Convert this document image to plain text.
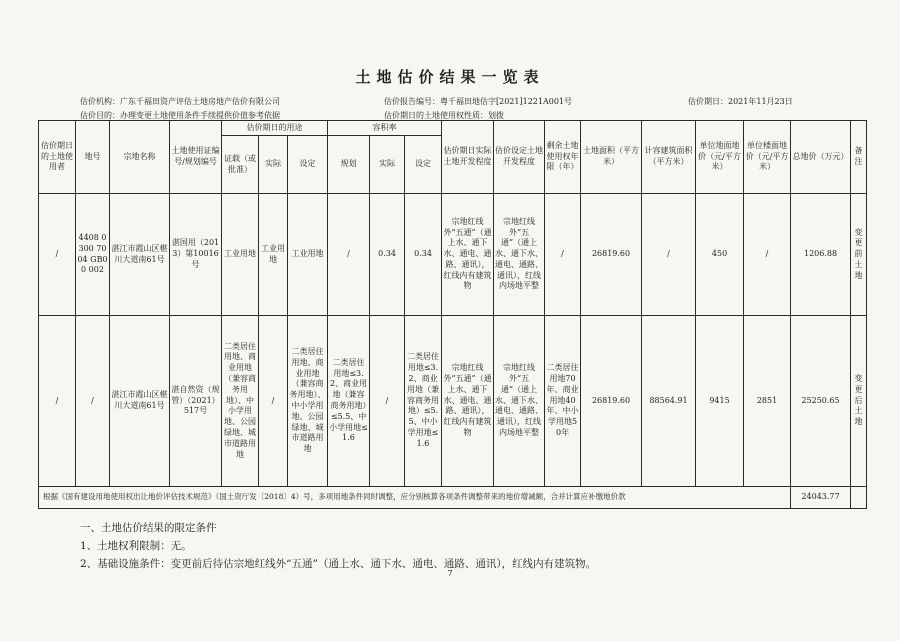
土地估价结果一览表
估价机构：广东千福田资产评估土地房地产估价有限公司	估价报告编号：粤千福田地估字[2021]1221A001号	估价期日：2021年11月23日
估价目的：办理变更土地使用条件手续提供价值参考依据	估价期日的土地使用权性质：划拨
估价期日的土地使用者	地号	宗地名称	土地使用证编号/规划编号	估价期日的用途			容积率			估价期日实际土地开发程度	估价设定土地开发程度	剩余土地使用权年限（年）	土地面积（平方米）	计容建筑面积（平方米）	单位地面地价（元/平方米）	单位楼面地价（元/平方米）	总地价（万元）	备注
				证载（或批准）	实际	设定	规划	实际	设定									
/	4408 0300 7004 GB00 002	湛江市霞山区椹川大道南61号	湛国用（2013）第10016号	工业用地	工业用地	工业用地	/	0.34	0.34	宗地红线外“五通”（通上水、通下水、通电、通路、通讯），红线内有建筑物	宗地红线外“五通”（通上水、通下水、通电、通路、通讯），红线内场地平整	/	26819.60	/	450	/	1206.88	变更前土地
/	/	湛江市霞山区椹川大道南61号	湛自然资（规管）（2021）517号	二类居住用地、商业用地（兼容商务用地）、中小学用地、公园绿地、城市道路用地	/	二类居住用地、商业用地（兼容商务用地）、中小学用地、公园绿地、城市道路用地	二类居住用地≤3.2、商业用地（兼容商务用地）≤5.5、中小学用地≤1.6	/	二类居住用地≤3.2、商业用地（兼容商务用地）≤5.5、中小学用地≤1.6	宗地红线外“五通”（通上水、通下水、通电、通路、通讯），红线内有建筑物	宗地红线外“五通”（通上水、通下水、通电、通路、通讯），红线内场地平整	二类居住用地70年、商业用地40年、中小学用地50年	26819.60	88564.91	9415	2851	25250.65	变更后土地
根据《国有建设用地使用权出让地价评估技术规范》（国土资厅发〔2018〕4）号，多项用地条件同时调整，应分别核算各项条件调整带来的地价增减额，合并计算应补缴地价款																	24043.77	
一、土地估价结果的限定条件
1、土地权利限制：无。
2、基础设施条件：变更前后待估宗地红线外“五通”（通上水、通下水、通电、通路、通讯），红线内有建筑物。
7
